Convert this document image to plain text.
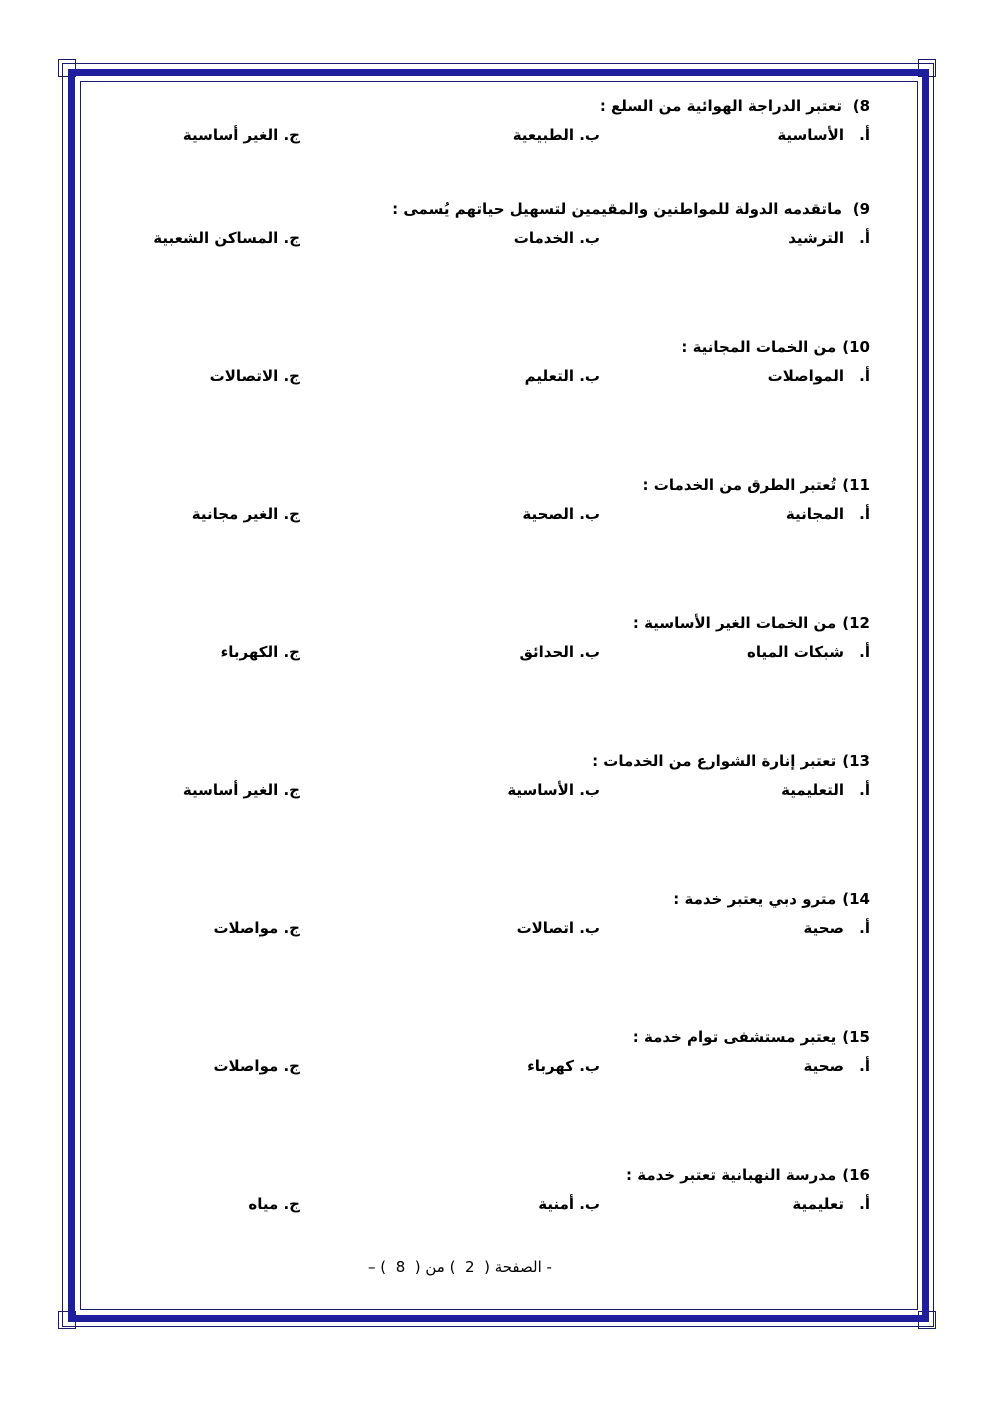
8)تعتبر الدراجة الهوائية من السلع :
أ.الأساسية
ب. الطبيعية
ج. الغير أساسية
9)ماتقدمه الدولة للمواطنين والمقيمين لتسهيل حياتهم يُسمى :
أ.الترشيد
ب. الخدمات
ج. المساكن الشعبية
10)من الخمات المجانية :
أ.المواصلات
ب. التعليم
ج. الاتصالات
11)تُعتبر الطرق من الخدمات :
أ.المجانية
ب. الصحية
ج. الغير مجانية
12)من الخمات الغير الأساسية :
أ.شبكات المياه
ب. الحدائق
ج. الكهرباء
13)تعتبر إنارة الشوارع من الخدمات :
أ.التعليمية
ب. الأساسية
ج. الغير أساسية
14)مترو دبي يعتبر خدمة :
أ.صحية
ب. اتصالات
ج. مواصلات
15)يعتبر مستشفى توام خدمة :
أ.صحية
ب. كهرباء
ج. مواصلات
16)مدرسة النهبانية تعتبر خدمة :
أ.تعليمية
ب. أمنية
ج. مياه
- الصفحة (  2  ) من (  8  ) –
